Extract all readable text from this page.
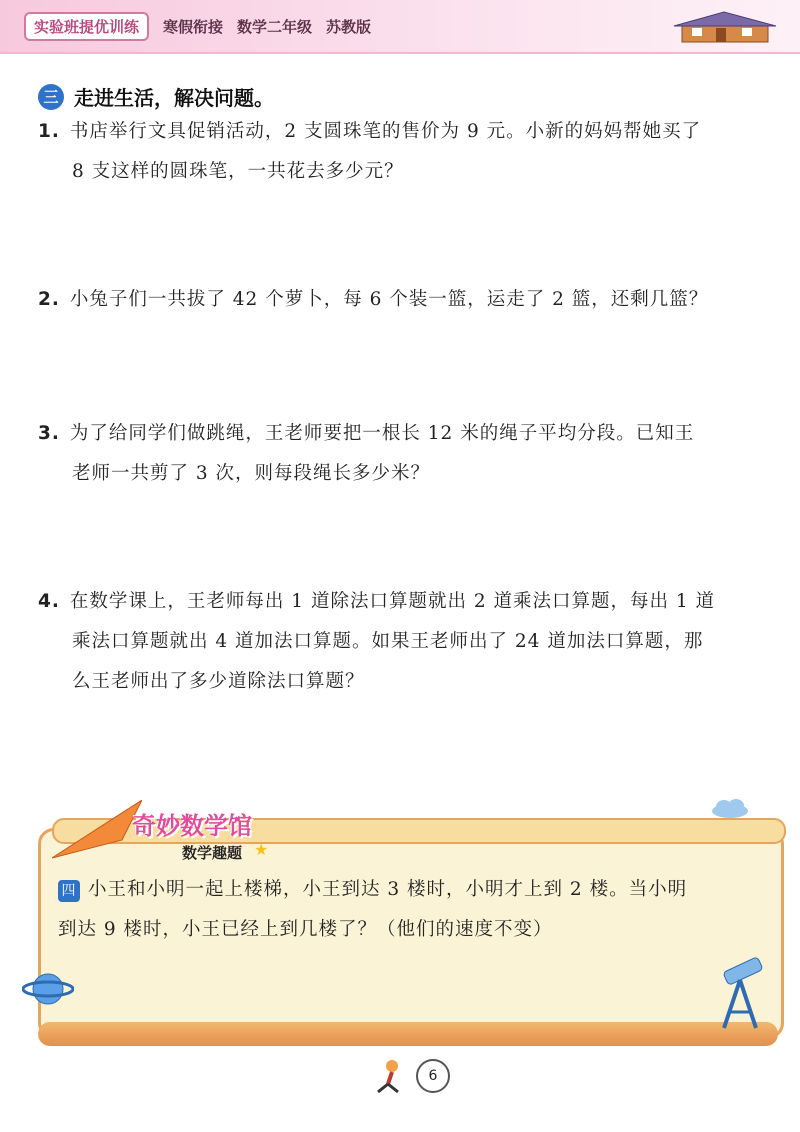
实验班提优训练	寒假衔接 数学二年级 苏教版
三 走进生活，解决问题。
1. 书店举行文具促销活动，2 支圆珠笔的售价为 9 元。小新的妈妈帮她买了
8 支这样的圆珠笔，一共花去多少元？
2. 小兔子们一共拔了 42 个萝卜，每 6 个装一篮，运走了 2 篮，还剩几篮？
3. 为了给同学们做跳绳，王老师要把一根长 12 米的绳子平均分段。已知王
老师一共剪了 3 次，则每段绳长多少米？
4. 在数学课上，王老师每出 1 道除法口算题就出 2 道乘法口算题，每出 1 道
乘法口算题就出 4 道加法口算题。如果王老师出了 24 道加法口算题，那
么王老师出了多少道除法口算题？
奇妙数学馆
数学趣题 ★
四 小王和小明一起上楼梯，小王到达 3 楼时，小明才上到 2 楼。当小明
到达 9 楼时，小王已经上到几楼了？（他们的速度不变）
6
